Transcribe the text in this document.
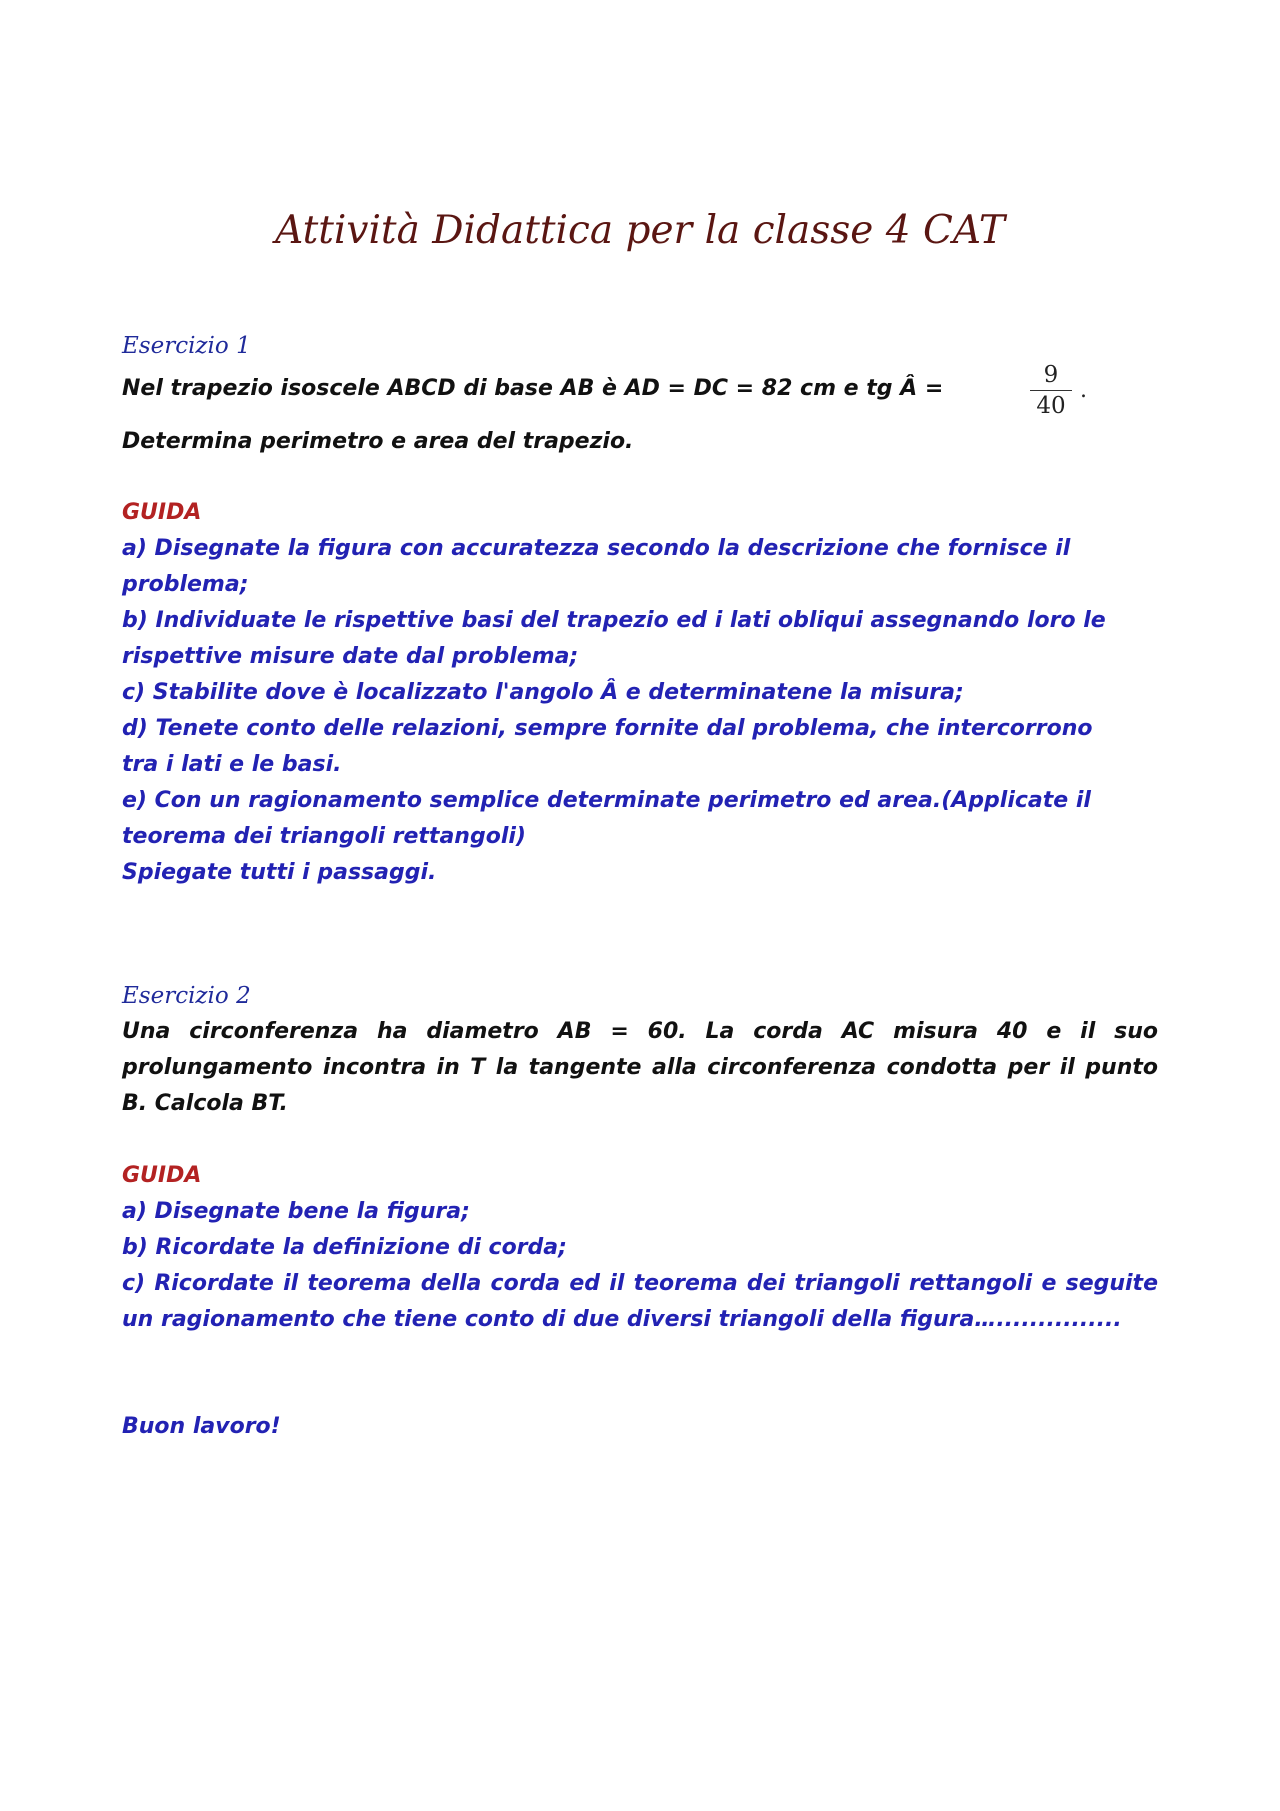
Attività Didattica per la classe 4 CAT
Esercizio 1
Nel trapezio isoscele ABCD di base AB è AD = DC = 82 cm e tg Â =
9
40
.
Determina perimetro e area del trapezio.
GUIDA
a) Disegnate la figura con accuratezza secondo la descrizione che fornisce il
problema;
b) Individuate le rispettive basi del trapezio ed i lati obliqui assegnando loro le
rispettive misure date dal problema;
c) Stabilite dove è localizzato l'angolo Â e determinatene la misura;
d) Tenete conto delle relazioni, sempre fornite dal problema, che intercorrono
tra i lati e le basi.
e) Con un ragionamento semplice determinate perimetro ed area.(Applicate il
teorema dei triangoli rettangoli)
Spiegate tutti i passaggi.
Esercizio 2
Una circonferenza ha diametro AB = 60. La corda AC misura 40 e il suo prolungamento incontra in T la tangente alla circonferenza condotta per il punto B. Calcola BT.
GUIDA
a) Disegnate bene la figura;
b) Ricordate la definizione di corda;
c) Ricordate il teorema della corda ed il teorema dei triangoli rettangoli e seguite un ragionamento che tiene conto di due diversi triangoli della figura…...............
Buon lavoro!
